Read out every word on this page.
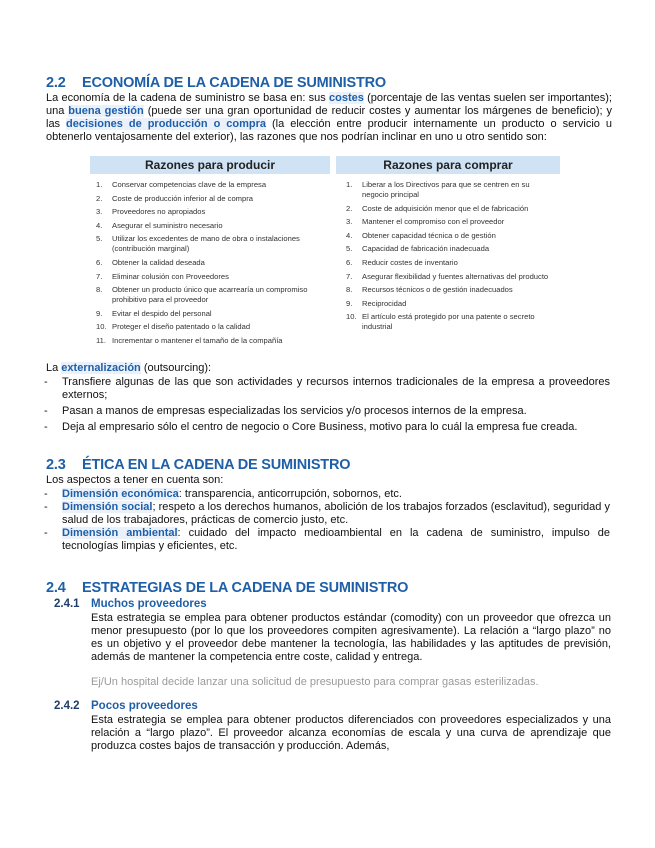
2.2 ECONOMÍA DE LA CADENA DE SUMINISTRO
La economía de la cadena de suministro se basa en: sus costes (porcentaje de las ventas suelen ser importantes); una buena gestión (puede ser una gran oportunidad de reducir costes y aumentar los márgenes de beneficio); y las decisiones de producción o compra (la elección entre producir internamente un producto o servicio u obtenerlo ventajosamente del exterior), las razones que nos podrían inclinar en uno u otro sentido son:
Razones para producir	Razones para comprar
1. Conservar competencias clave de la empresa
2. Coste de producción inferior al de compra
3. Proveedores no apropiados
4. Asegurar el suministro necesario
5. Utilizar los excedentes de mano de obra o instalaciones (contribución marginal)
6. Obtener la calidad deseada
7. Eliminar colusión con Proveedores
8. Obtener un producto único que acarrearía un compromiso prohibitivo para el proveedor
9. Evitar el despido del personal
10. Proteger el diseño patentado o la calidad
11. Incrementar o mantener el tamaño de la compañía
1. Liberar a los Directivos para que se centren en su negocio principal
2. Coste de adquisición menor que el de fabricación
3. Mantener el compromiso con el proveedor
4. Obtener capacidad técnica o de gestión
5. Capacidad de fabricación inadecuada
6. Reducir costes de inventario
7. Asegurar flexibilidad y fuentes alternativas del producto
8. Recursos técnicos o de gestión inadecuados
9. Reciprocidad
10. El artículo está protegido por una patente o secreto industrial
La externalización (outsourcing):
- Transfiere algunas de las que son actividades y recursos internos tradicionales de la empresa a proveedores externos;
- Pasan a manos de empresas especializadas los servicios y/o procesos internos de la empresa.
- Deja al empresario sólo el centro de negocio o Core Business, motivo para lo cuál la empresa fue creada.
2.3 ÉTICA EN LA CADENA DE SUMINISTRO
Los aspectos a tener en cuenta son:
- Dimensión económica: transparencia, anticorrupción, sobornos, etc.
- Dimensión social; respeto a los derechos humanos, abolición de los trabajos forzados (esclavitud), seguridad y salud de los trabajadores, prácticas de comercio justo, etc.
- Dimensión ambiental: cuidado del impacto medioambiental en la cadena de suministro, impulso de tecnologías limpias y eficientes, etc.
2.4 ESTRATEGIAS DE LA CADENA DE SUMINISTRO
2.4.1 Muchos proveedores
Esta estrategia se emplea para obtener productos estándar (comodity) con un proveedor que ofrezca un menor presupuesto (por lo que los proveedores compiten agresivamente). La relación a “largo plazo” no es un objetivo y el proveedor debe mantener la tecnología, las habilidades y las aptitudes de previsión, además de mantener la competencia entre coste, calidad y entrega.
Ej/Un hospital decide lanzar una solicitud de presupuesto para comprar gasas esterilizadas.
2.4.2 Pocos proveedores
Esta estrategia se emplea para obtener productos diferenciados con proveedores especializados y una relación a “largo plazo”. El proveedor alcanza economías de escala y una curva de aprendizaje que produzca costes bajos de transacción y producción. Además,
